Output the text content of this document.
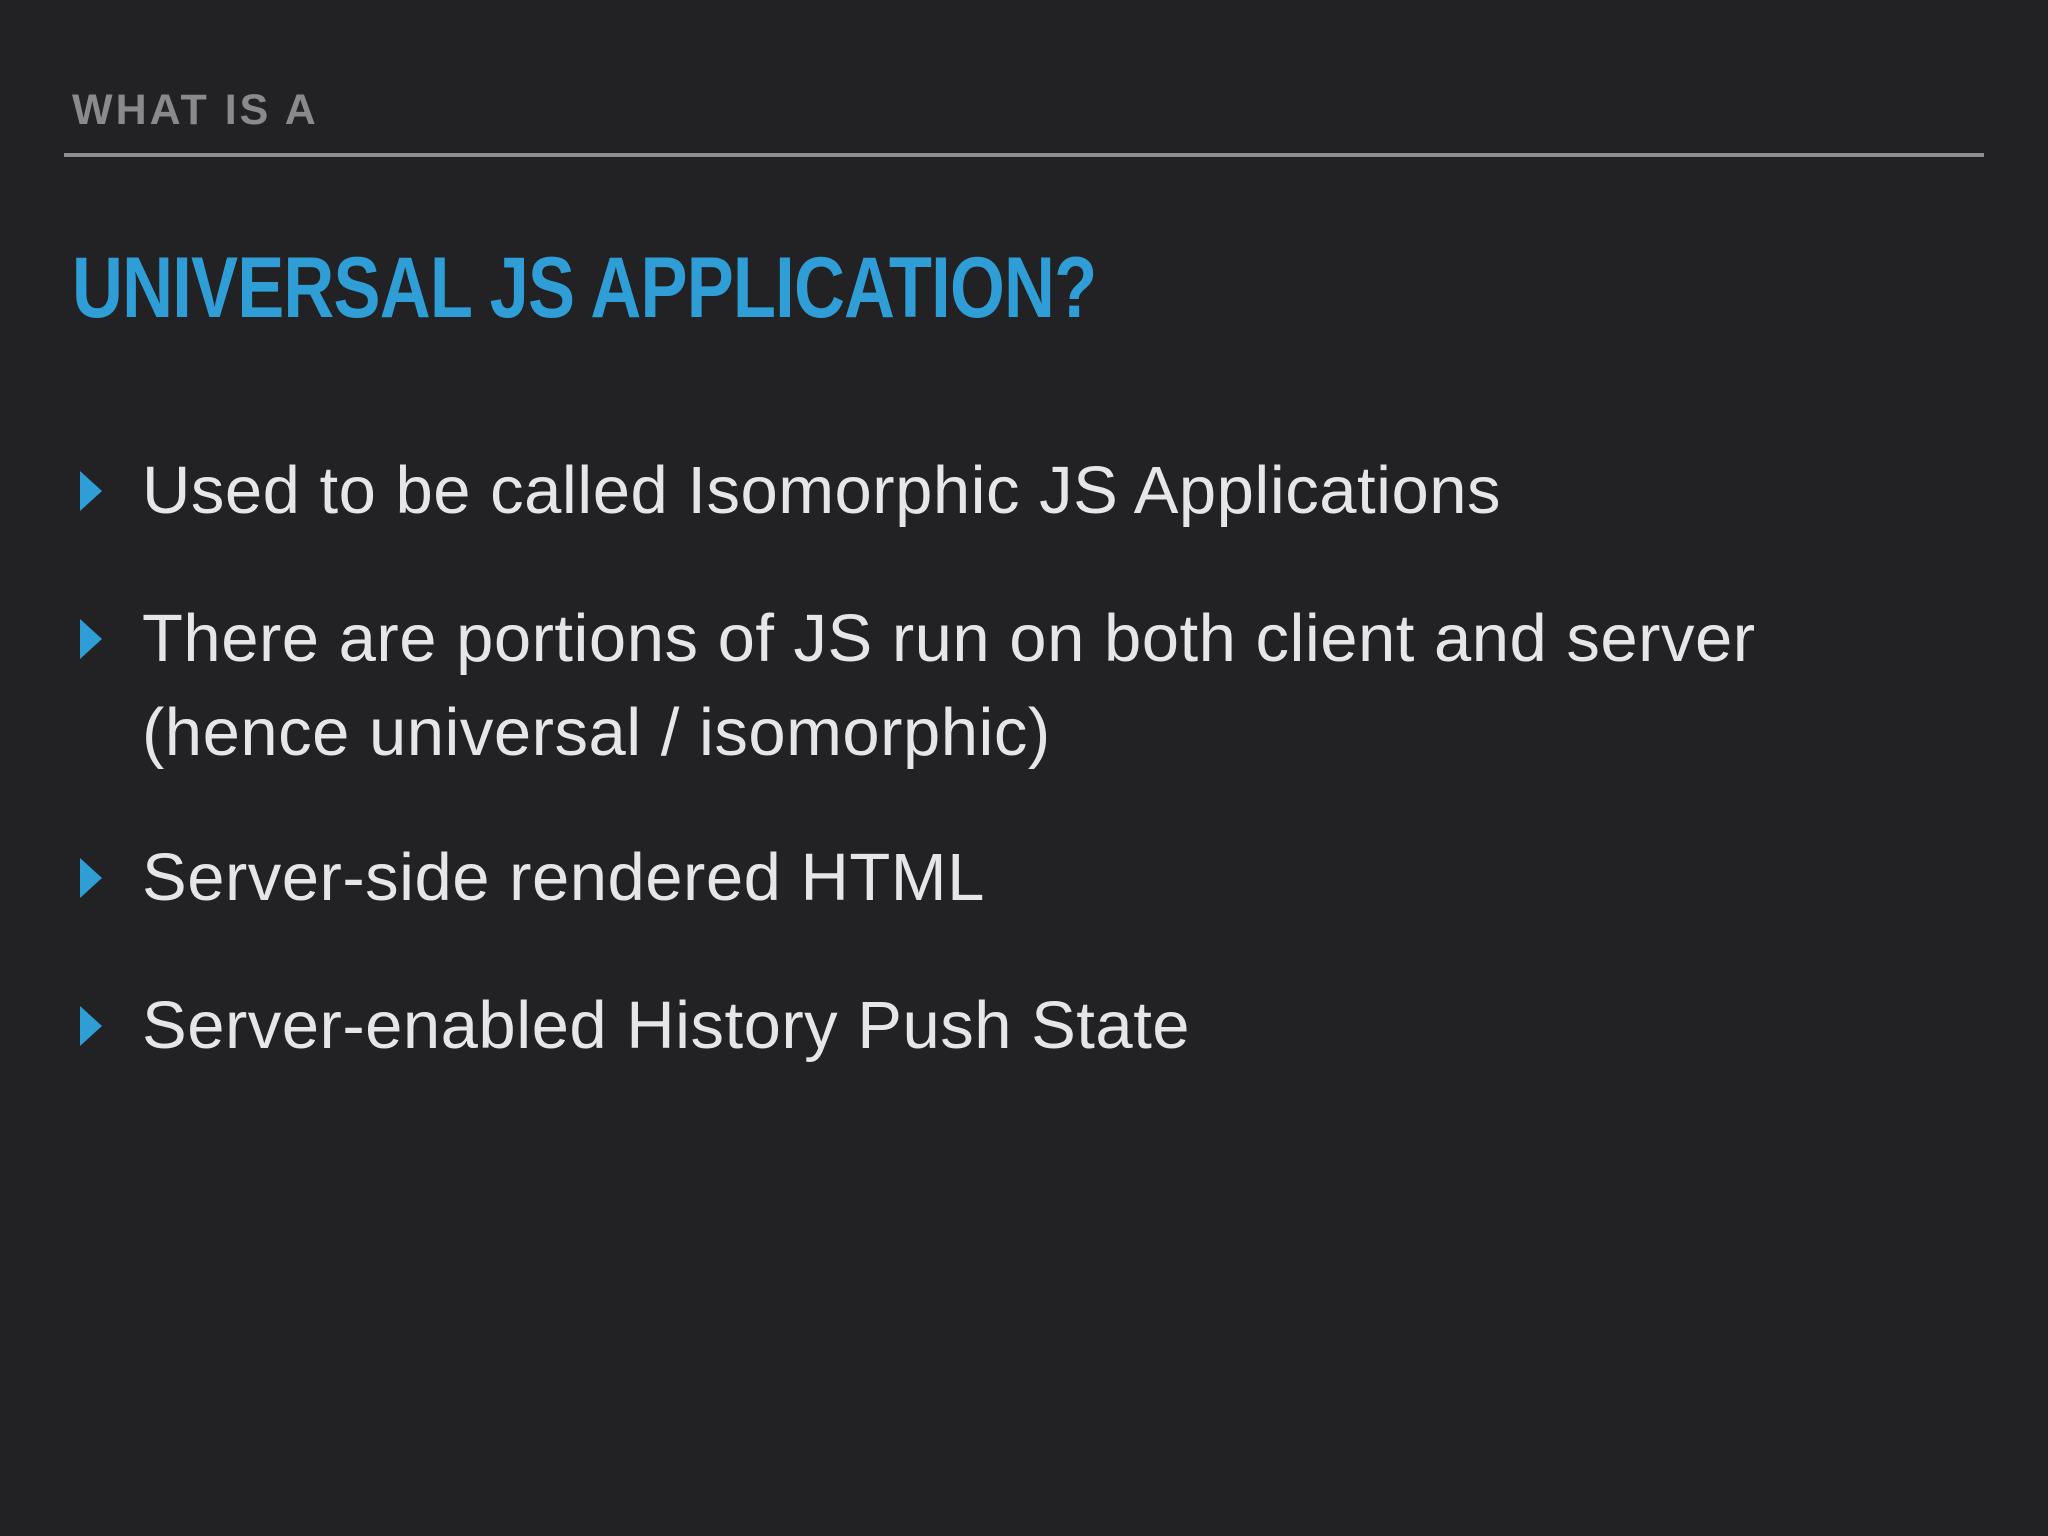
WHAT IS A
UNIVERSAL JS APPLICATION?
Used to be called Isomorphic JS Applications
There are portions of JS run on both client and server (hence universal / isomorphic)
Server-side rendered HTML
Server-enabled History Push State
